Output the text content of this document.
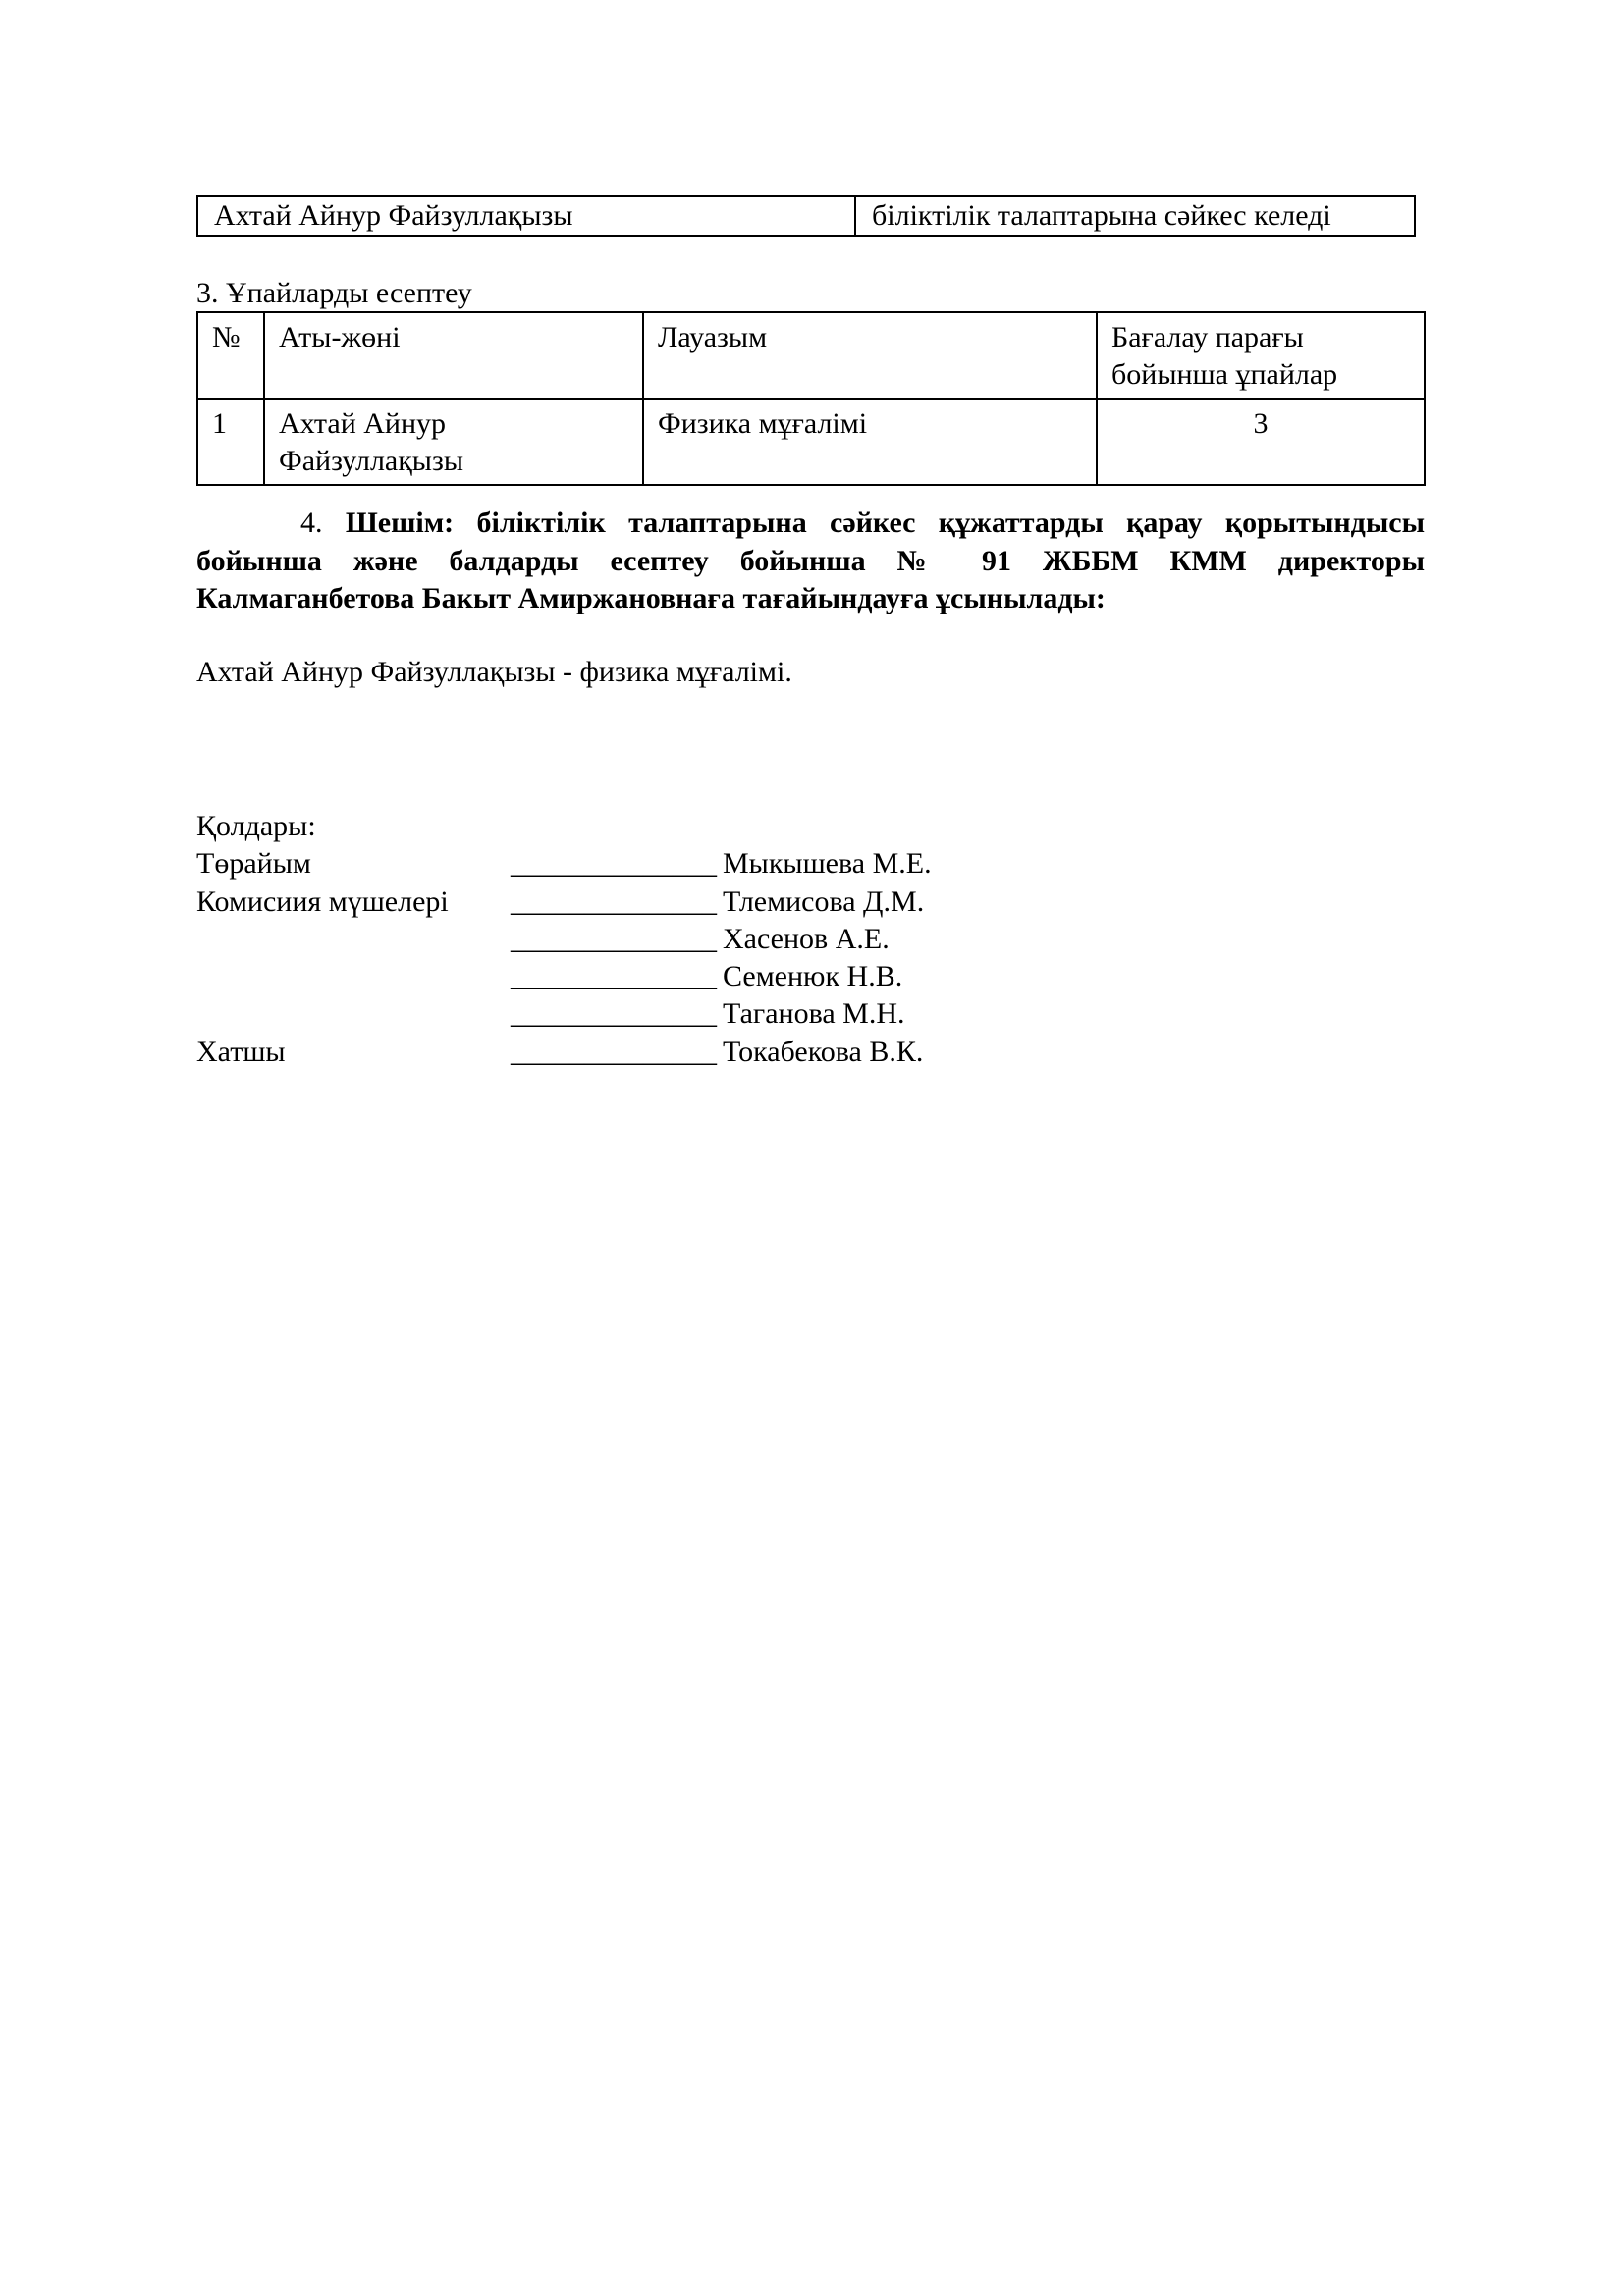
Ахтай Айнур Файзуллақызы	біліктілік талаптарына сәйкес келеді
3. Ұпайларды есептеу
№	Аты-жөні	Лауазым	Бағалау парағы бойынша ұпайлар
1	Ахтай Айнур Файзуллақызы	Физика мұғалімі	3
4. Шешім: біліктілік талаптарына сәйкес құжаттарды қарау қорытындысы
бойынша және балдарды есептеу бойынша № 91 ЖББМ КММ директоры
Калмаганбетова Бакыт Амиржановнаға тағайындауға ұсынылады:
Ахтай Айнур Файзуллақызы - физика мұғалімі.
Қолдары:
Төрайым	______________ Мыкышева М.Е.
Комисиия мүшелері	______________ Тлемисова Д.М.
______________ Хасенов А.Е.
______________ Семенюк Н.В.
______________ Таганова М.Н.
Хатшы	______________ Токабекова В.К.
